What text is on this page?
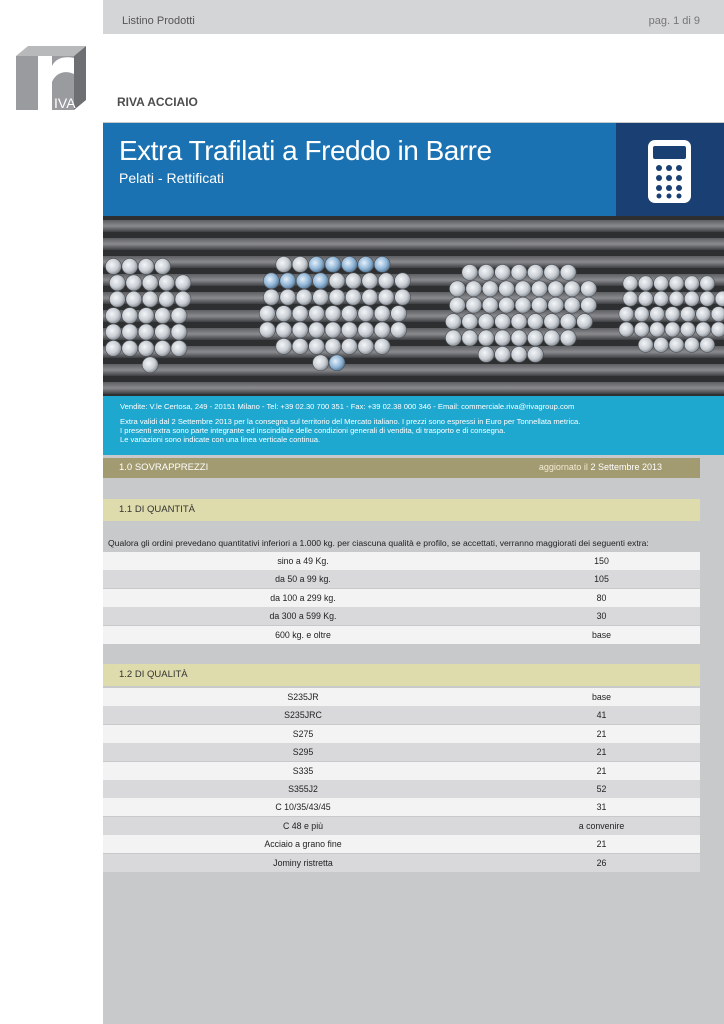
Listino Prodotti	pag. 1 di 9
IVA	RIVA ACCIAIO
Extra Trafilati a Freddo in Barre
Pelati - Rettificati
Vendite: V.le Certosa, 249 - 20151 Milano - Tel: +39 02.30 700 351 - Fax: +39 02.38 000 346 - Email: commerciale.riva@rivagroup.com
Extra validi dal 2 Settembre 2013 per la consegna sul territorio del Mercato italiano. I prezzi sono espressi in Euro per Tonnellata metrica.
I presenti extra sono parte integrante ed inscindibile delle condizioni generali di vendita, di trasporto e di consegna.
Le variazioni sono indicate con una linea verticale continua.
1.0 SOVRAPPREZZI	aggiornato il 2 Settembre 2013
1.1 DI QUANTITÀ
Qualora gli ordini prevedano quantitativi inferiori a 1.000 kg. per ciascuna qualità e profilo, se accettati, verranno maggiorati dei seguenti extra:
sino a 49 Kg.	150
da 50 a 99 kg.	105
da 100 a 299 kg.	80
da 300 a 599 Kg.	30
600 kg. e oltre	base
1.2 DI QUALITÀ
S235JR	base
S235JRC	41
S275	21
S295	21
S335	21
S355J2	52
C 10/35/43/45	31
C 48 e più	a convenire
Acciaio a grano fine	21
Jominy ristretta	26
